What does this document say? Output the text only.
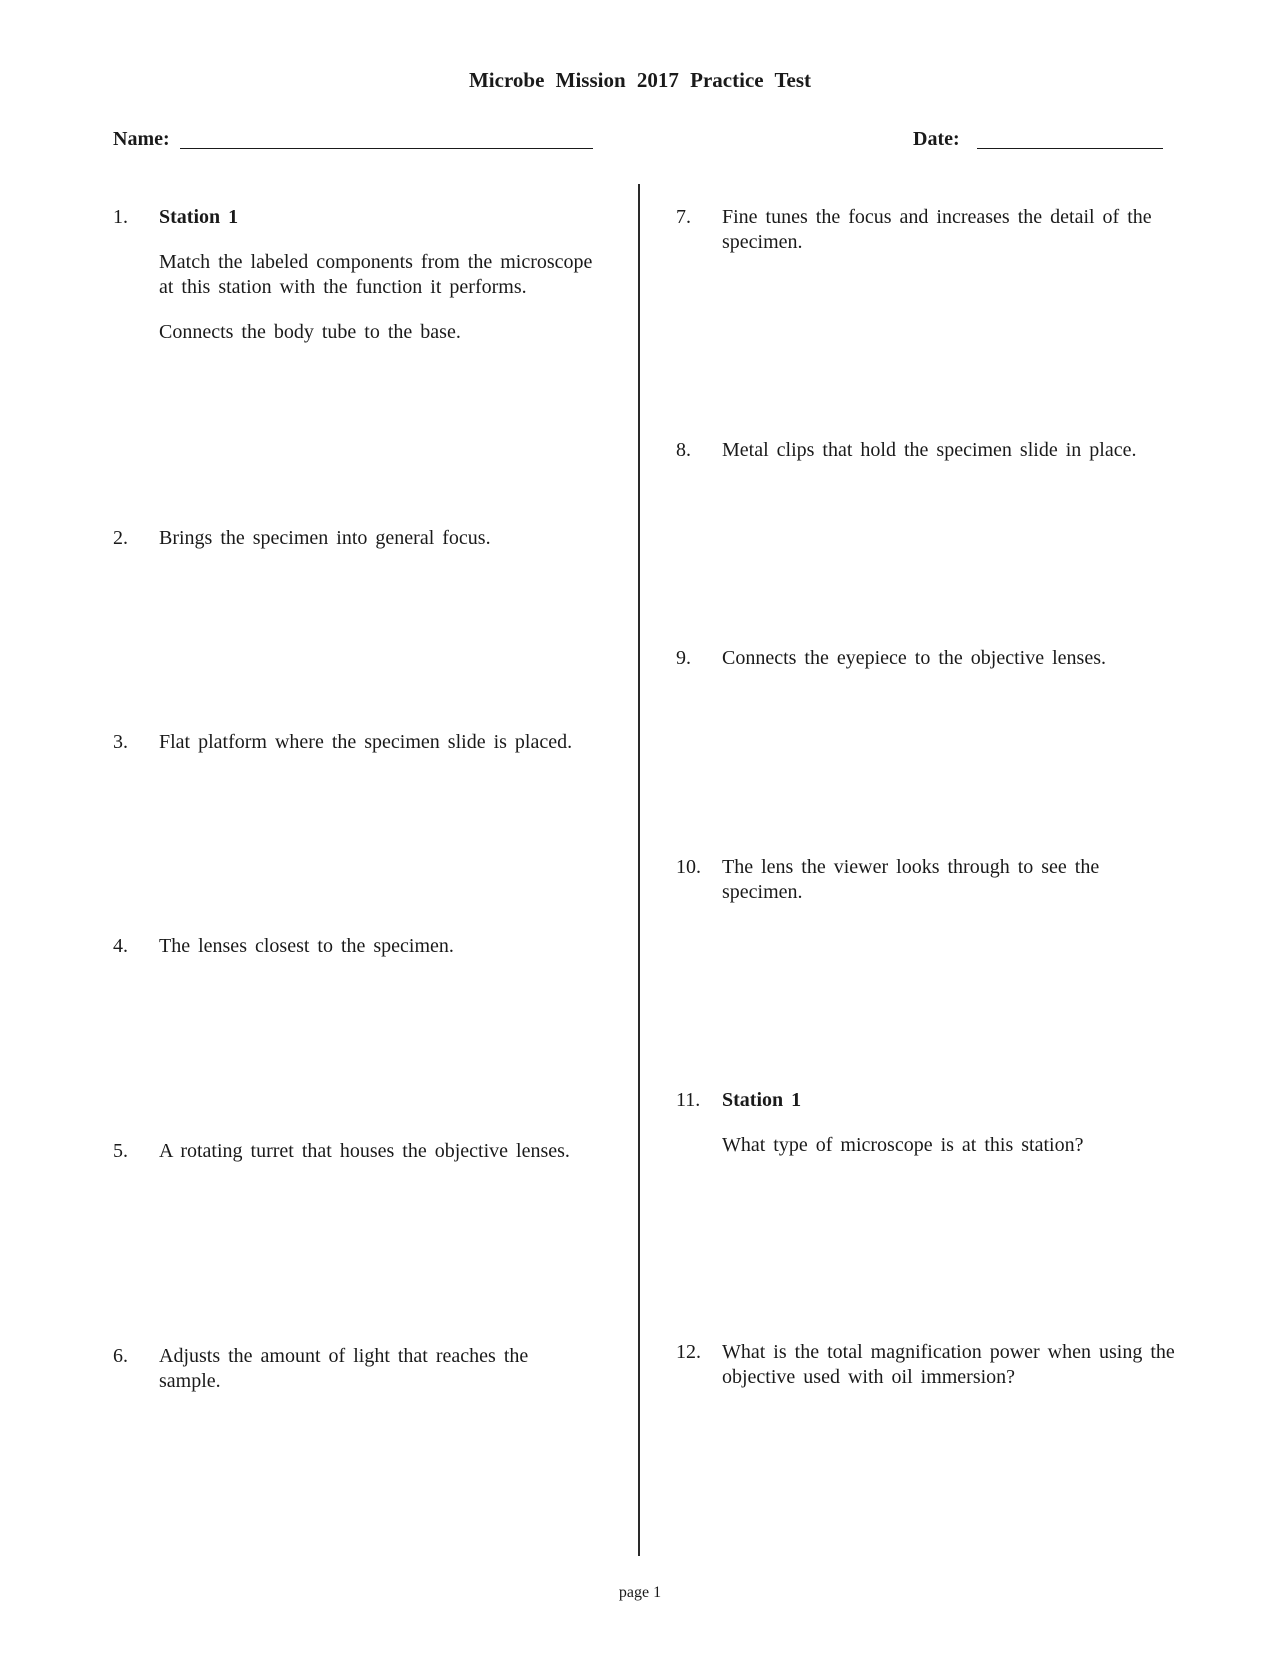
Microbe Mission 2017 Practice Test
Name:	Date:
1. Station 1

Match the labeled components from the microscope at this station with the function it performs.

Connects the body tube to the base.

2. Brings the specimen into general focus.

3. Flat platform where the specimen slide is placed.

4. The lenses closest to the specimen.

5. A rotating turret that houses the objective lenses.

6. Adjusts the amount of light that reaches the sample.

7. Fine tunes the focus and increases the detail of the specimen.

8. Metal clips that hold the specimen slide in place.

9. Connects the eyepiece to the objective lenses.

10. The lens the viewer looks through to see the specimen.

11. Station 1

What type of microscope is at this station?

12. What is the total magnification power when using the objective used with oil immersion?

page 1
